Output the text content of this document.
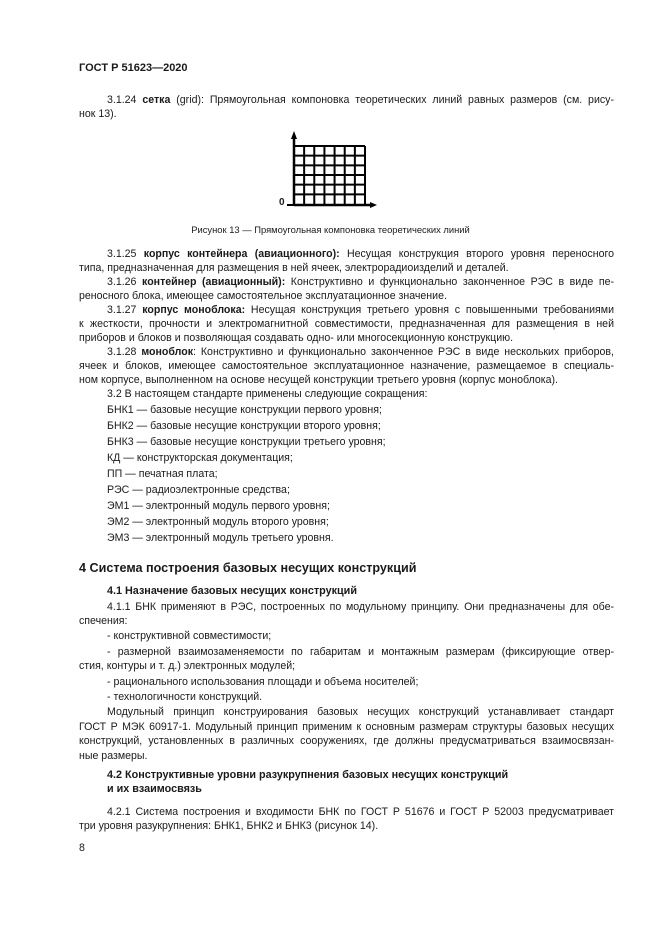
ГОСТ Р 51623—2020
3.1.24 сетка (grid): Прямоугольная компоновка теоретических линий равных размеров (см. рису-
нок 13).
0
Рисунок 13 — Прямоугольная компоновка теоретических линий
3.1.25 корпус контейнера (авиационного): Несущая конструкция второго уровня переносного
типа, предназначенная для размещения в ней ячеек, электрорадиоизделий и деталей.
3.1.26 контейнер (авиационный): Конструктивно и функционально законченное РЭС в виде пе-
реносного блока, имеющее самостоятельное эксплуатационное значение.
3.1.27 корпус моноблока: Несущая конструкция третьего уровня с повышенными требованиями
к жесткости, прочности и электромагнитной совместимости, предназначенная для размещения в ней
приборов и блоков и позволяющая создавать одно- или многосекционную конструкцию.
3.1.28 моноблок: Конструктивно и функционально законченное РЭС в виде нескольких приборов,
ячеек и блоков, имеющее самостоятельное эксплуатационное назначение, размещаемое в специаль-
ном корпусе, выполненном на основе несущей конструкции третьего уровня (корпус моноблока).
3.2 В настоящем стандарте применены следующие сокращения:
БНК1 — базовые несущие конструкции первого уровня;
БНК2 — базовые несущие конструкции второго уровня;
БНК3 — базовые несущие конструкции третьего уровня;
КД — конструкторская документация;
ПП — печатная плата;
РЭС — радиоэлектронные средства;
ЭМ1 — электронный модуль первого уровня;
ЭМ2 — электронный модуль второго уровня;
ЭМ3 — электронный модуль третьего уровня.
4 Система построения базовых несущих конструкций
4.1 Назначение базовых несущих конструкций
4.1.1 БНК применяют в РЭС, построенных по модульному принципу. Они предназначены для обе-
спечения:
- конструктивной совместимости;
- размерной взаимозаменяемости по габаритам и монтажным размерам (фиксирующие отвер-
стия, контуры и т. д.) электронных модулей;
- рационального использования площади и объема носителей;
- технологичности конструкций.
Модульный принцип конструирования базовых несущих конструкций устанавливает стандарт
ГОСТ Р МЭК 60917-1. Модульный принцип применим к основным размерам структуры базовых несущих
конструкций, установленных в различных сооружениях, где должны предусматриваться взаимосвязан-
ные размеры.
4.2 Конструктивные уровни разукрупнения базовых несущих конструкций
и их взаимосвязь
4.2.1 Система построения и входимости БНК по ГОСТ Р 51676 и ГОСТ Р 52003 предусматривает
три уровня разукрупнения: БНК1, БНК2 и БНК3 (рисунок 14).
8
